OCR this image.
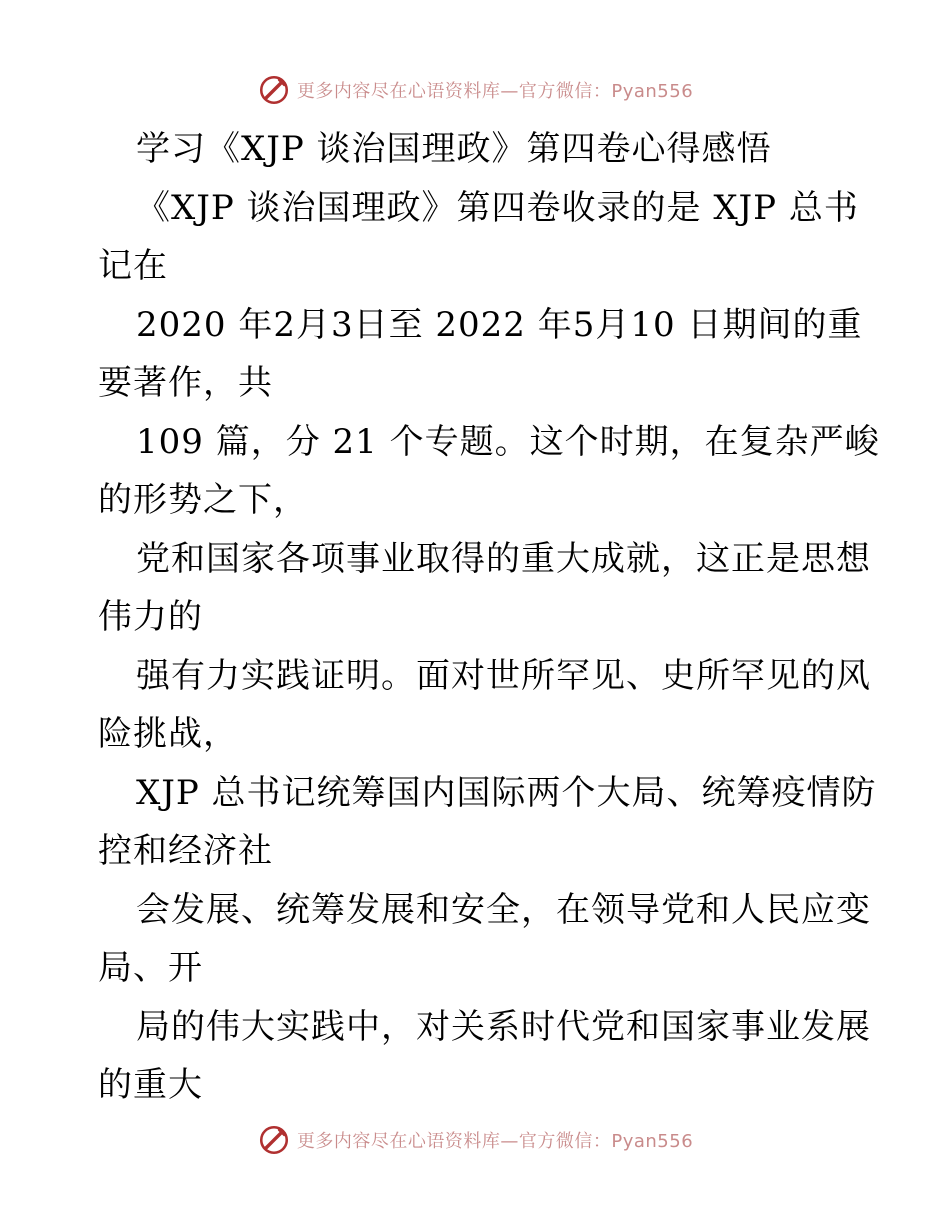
更多内容尽在心语资料库—官方微信：Pyan556
学习《XJP 谈治国理政》第四卷心得感悟
《XJP 谈治国理政》第四卷收录的是 XJP 总书
记在
2020 年2月3日至 2022 年5月10 日期间的重
要著作，共
109 篇，分 21 个专题。这个时期，在复杂严峻
的形势之下，
党和国家各项事业取得的重大成就，这正是思想
伟力的
强有力实践证明。面对世所罕见、史所罕见的风
险挑战，
XJP 总书记统筹国内国际两个大局、统筹疫情防
控和经济社
会发展、统筹发展和安全，在领导党和人民应变
局、开
局的伟大实践中，对关系时代党和国家事业发展
的重大
更多内容尽在心语资料库—官方微信：Pyan556
